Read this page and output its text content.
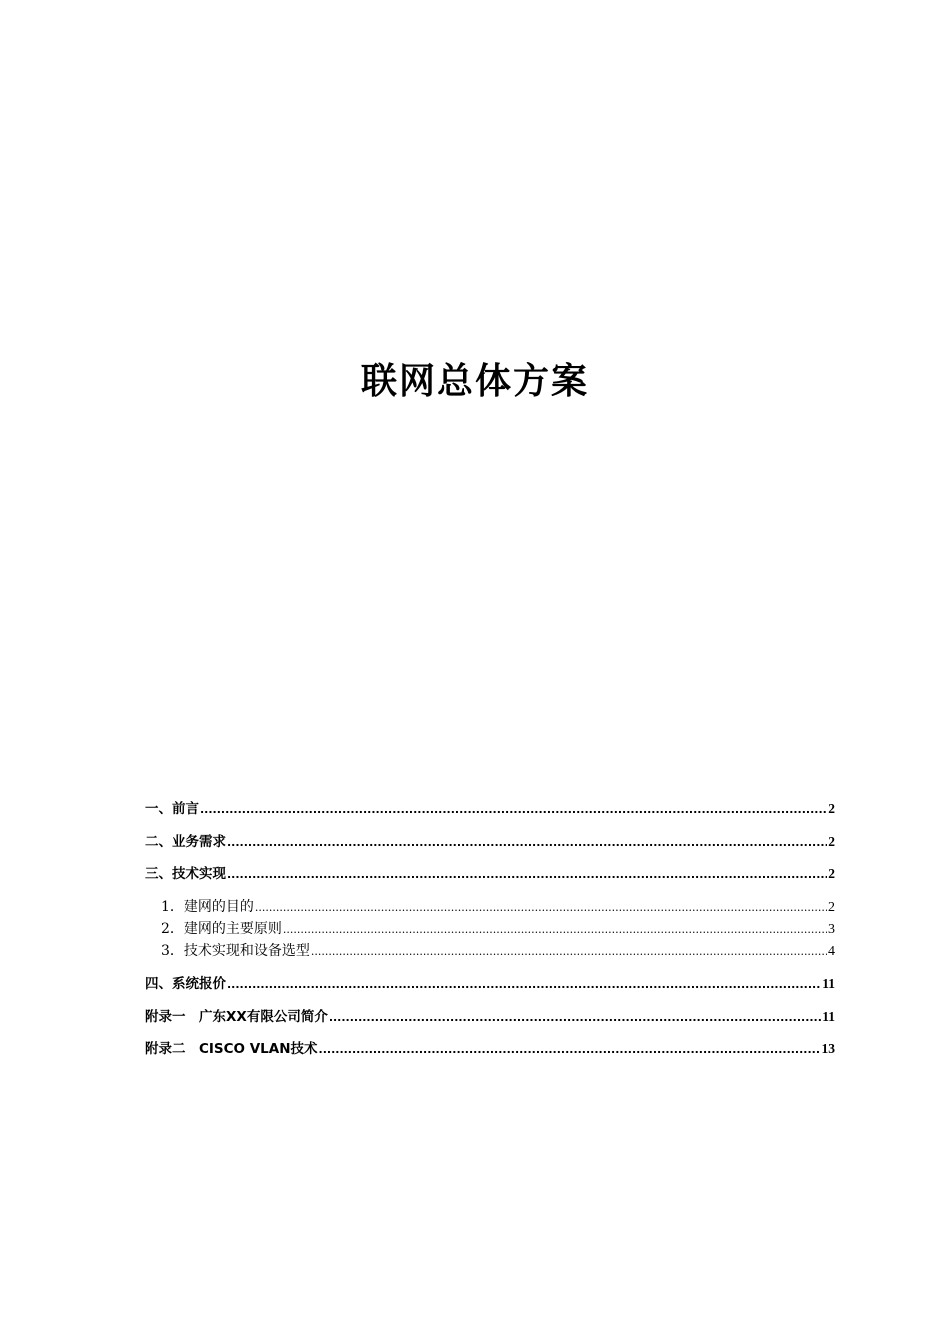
联网总体方案
一、前言 .....	2
二、业务需求 .....	2
三、技术实现 .....	2
1．建网的目的 .....	2
2．建网的主要原则 .....	3
3．技术实现和设备选型 .....	4
四、系统报价 .....	11
附录一　广东XX有限公司简介 .....	11
附录二　CISCO VLAN技术 .....	13
